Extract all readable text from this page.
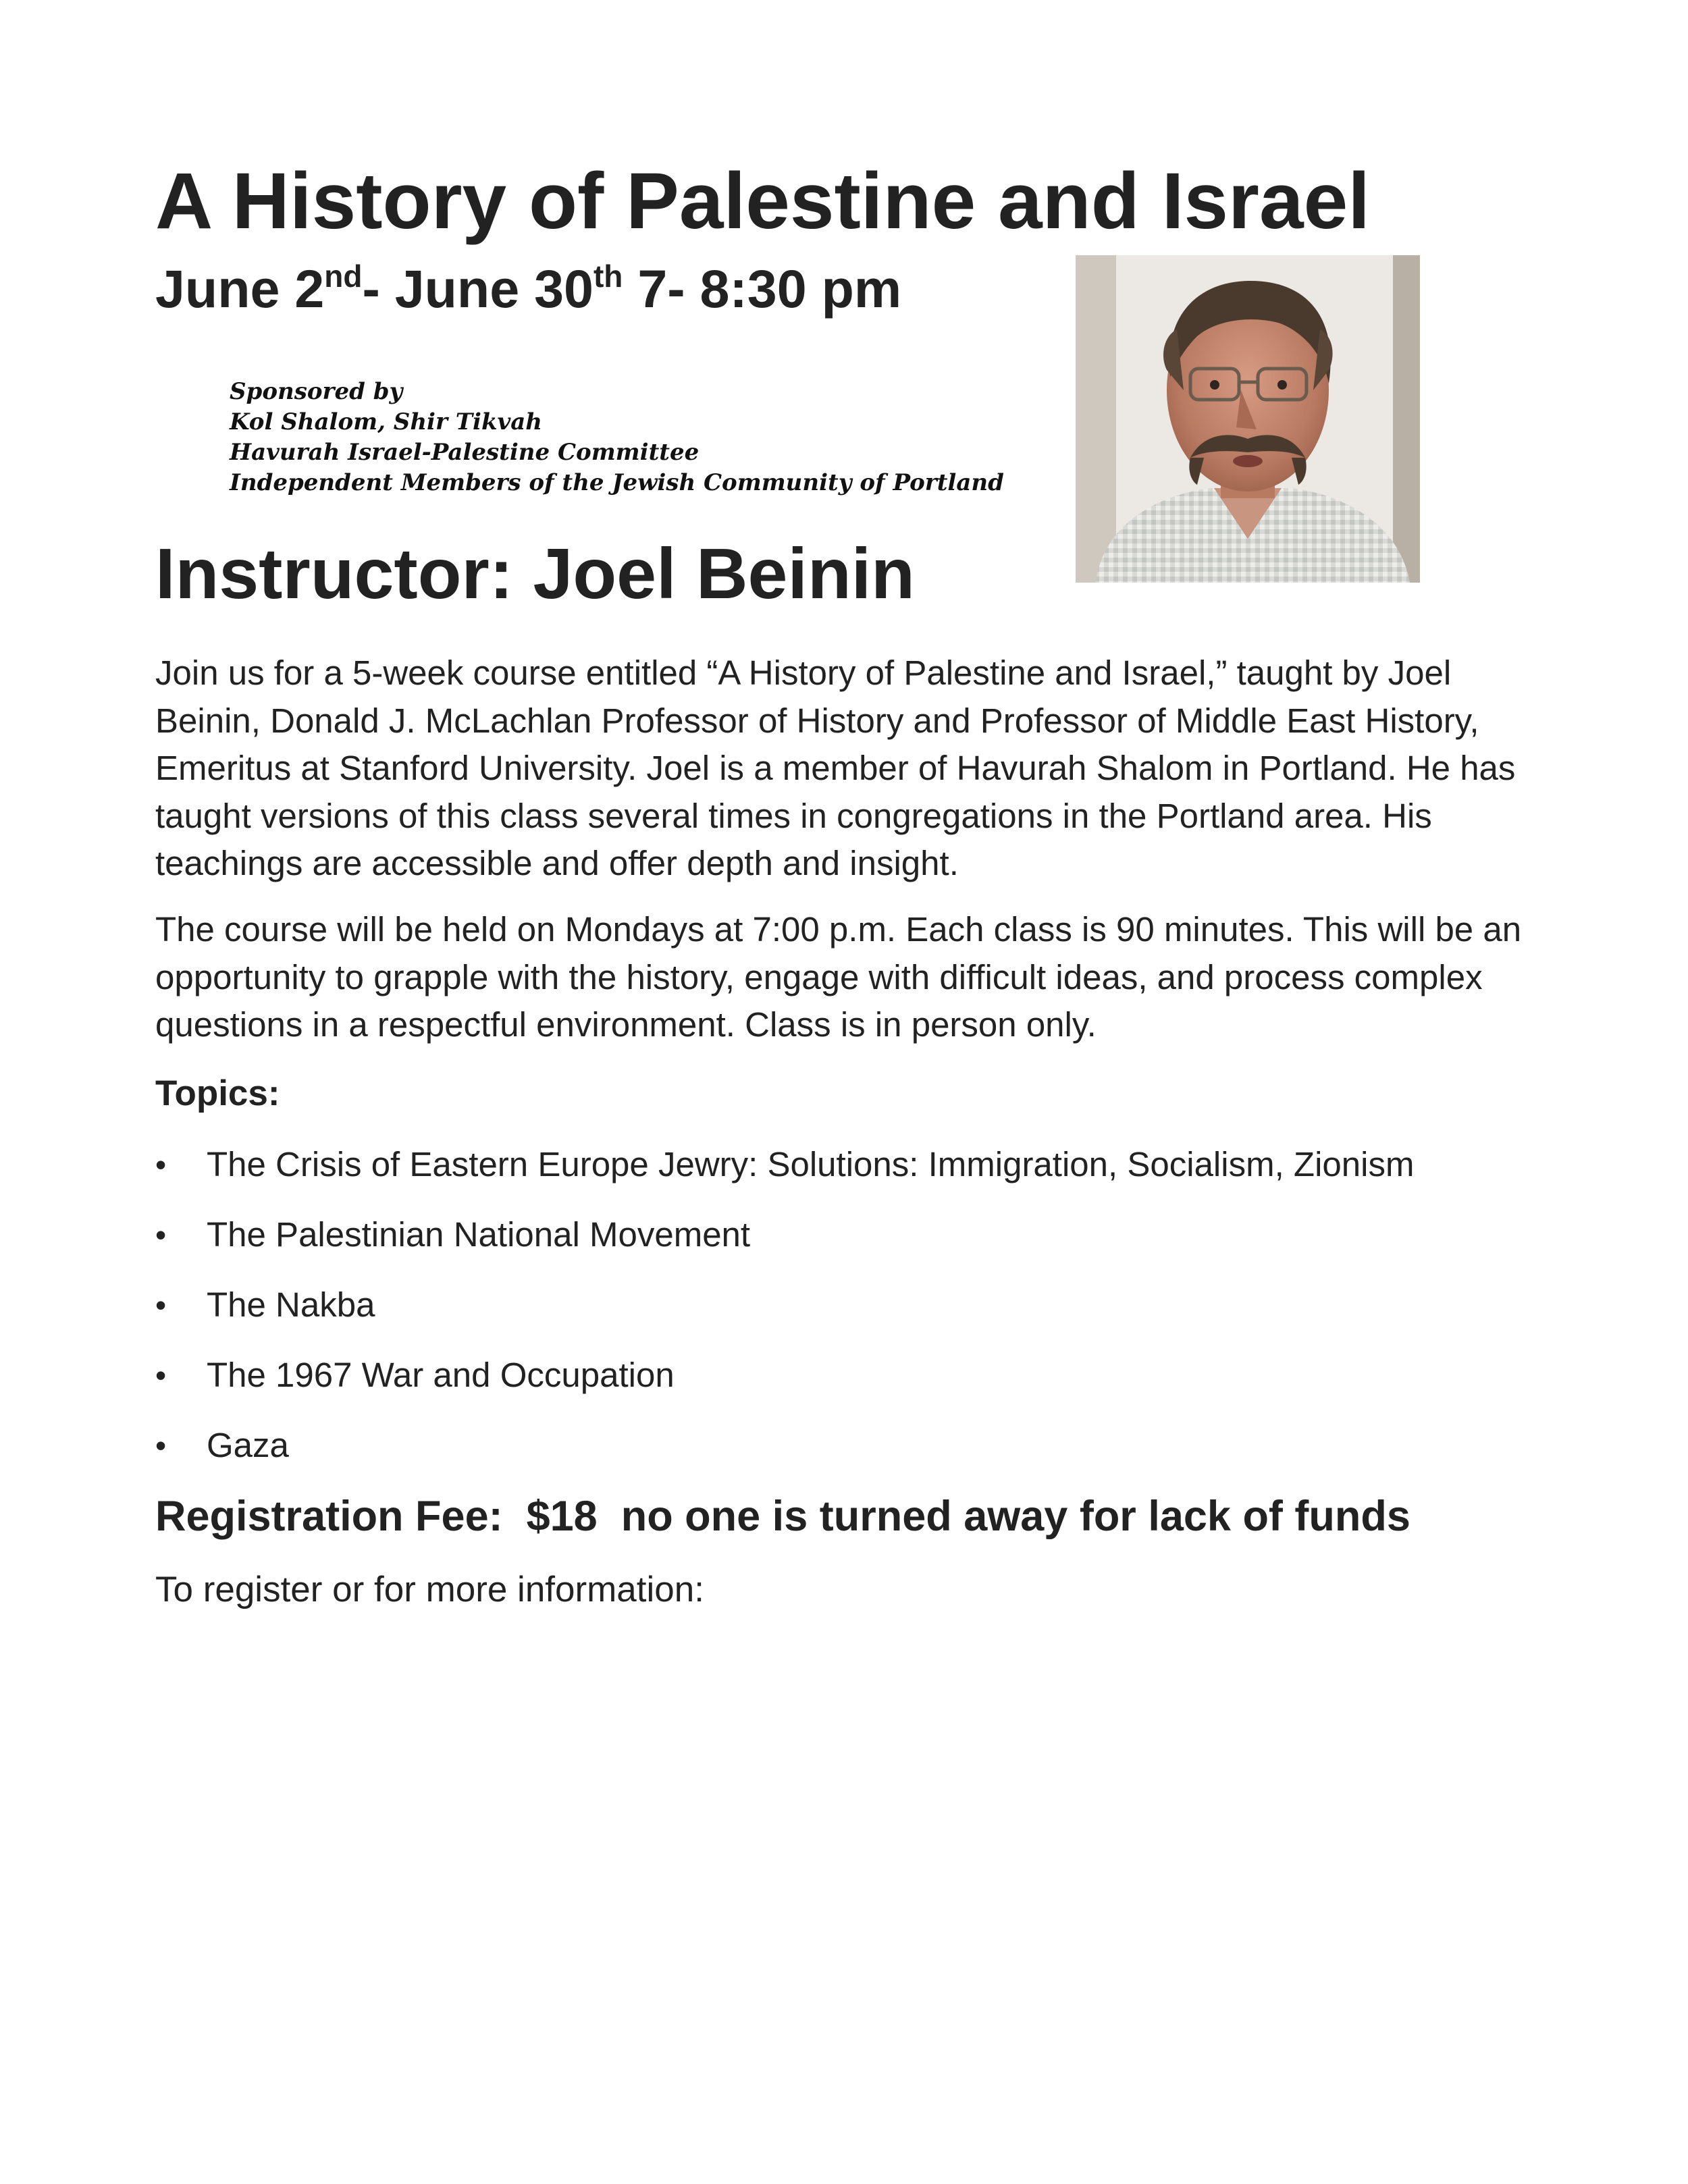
A History of Palestine and Israel
June 2nd- June 30th 7- 8:30 pm
Sponsored by
Kol Shalom, Shir Tikvah
Havurah Israel-Palestine Committee
Independent Members of the Jewish Community of Portland
Instructor: Joel Beinin

Join us for a 5-week course entitled “A History of Palestine and Israel,” taught by Joel Beinin, Donald J. McLachlan Professor of History and Professor of Middle East History, Emeritus at Stanford University. Joel is a member of Havurah Shalom in Portland. He has taught versions of this class several times in congregations in the Portland area. His teachings are accessible and offer depth and insight.

The course will be held on Mondays at 7:00 p.m. Each class is 90 minutes. This will be an opportunity to grapple with the history, engage with difficult ideas, and process complex questions in a respectful environment. Class is in person only.

Topics:
•	The Crisis of Eastern Europe Jewry: Solutions: Immigration, Socialism, Zionism
•	The Palestinian National Movement
•	The Nakba
•	The 1967 War and Occupation
•	Gaza

Registration Fee:  $18  no one is turned away for lack of funds

To register or for more information:
